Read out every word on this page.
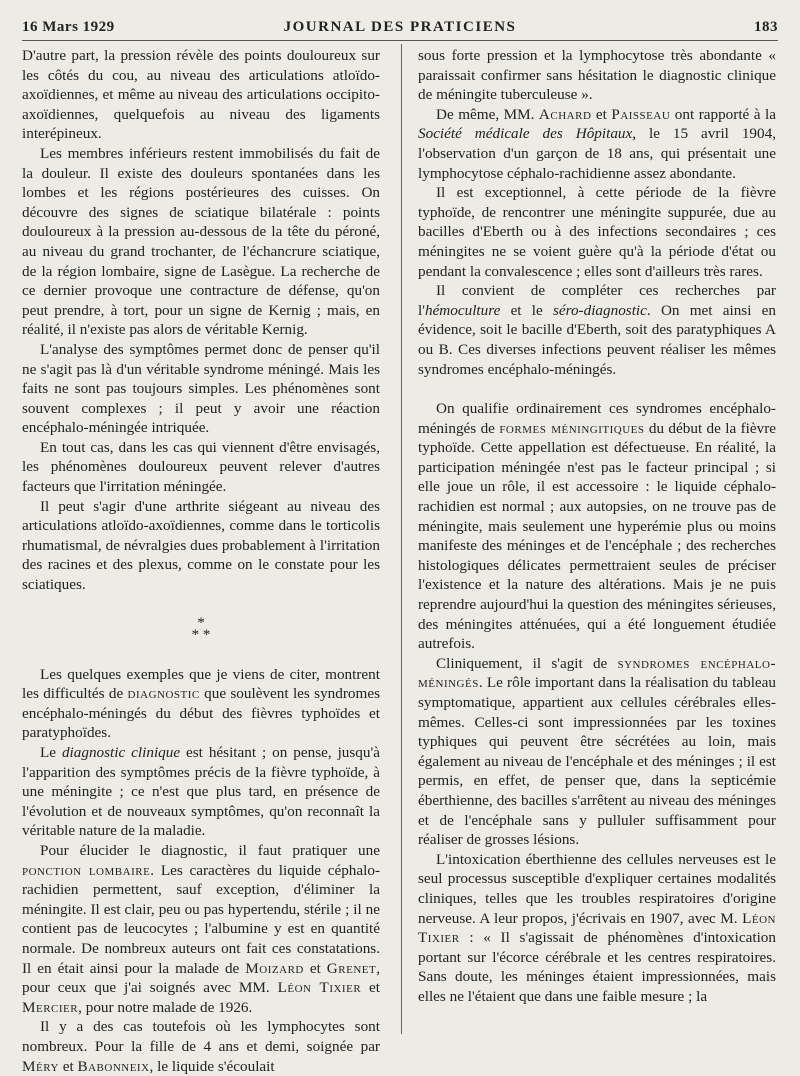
16 Mars 1929	JOURNAL DES PRATICIENS	183

D'autre part, la pression révèle des points douloureux sur les côtés du cou, au niveau des articulations atloïdo-axoïdiennes, et même au niveau des articulations occipito-axoïdiennes, quelquefois au niveau des ligaments interépineux.

Les membres inférieurs restent immobilisés du fait de la douleur. Il existe des douleurs spontanées dans les lombes et les régions postérieures des cuisses. On découvre des signes de sciatique bilatérale : points douloureux à la pression au-dessous de la tête du péroné, au niveau du grand trochanter, de l'échancrure sciatique, de la région lombaire, signe de Lasègue. La recherche de ce dernier provoque une contracture de défense, qu'on peut prendre, à tort, pour un signe de Kernig ; mais, en réalité, il n'existe pas alors de véritable Kernig.

L'analyse des symptômes permet donc de penser qu'il ne s'agit pas là d'un véritable syndrome méningé. Mais les faits ne sont pas toujours simples. Les phénomènes sont souvent complexes ; il peut y avoir une réaction encéphalo-méningée intriquée.

En tout cas, dans les cas qui viennent d'être envisagés, les phénomènes douloureux peuvent relever d'autres facteurs que l'irritation méningée.

Il peut s'agir d'une arthrite siégeant au niveau des articulations atloïdo-axoïdiennes, comme dans le torticolis rhumatismal, de névralgies dues probablement à l'irritation des racines et des plexus, comme on le constate pour les sciatiques.

*
* *

Les quelques exemples que je viens de citer, montrent les difficultés de diagnostic que soulèvent les syndromes encéphalo-méningés du début des fièvres typhoïdes et paratyphoïdes.

Le diagnostic clinique est hésitant ; on pense, jusqu'à l'apparition des symptômes précis de la fièvre typhoïde, à une méningite ; ce n'est que plus tard, en présence de l'évolution et de nouveaux symptômes, qu'on reconnaît la véritable nature de la maladie.

Pour élucider le diagnostic, il faut pratiquer une ponction lombaire. Les caractères du liquide céphalo-rachidien permettent, sauf exception, d'éliminer la méningite. Il est clair, peu ou pas hypertendu, stérile ; il ne contient pas de leucocytes ; l'albumine y est en quantité normale. De nombreux auteurs ont fait ces constatations. Il en était ainsi pour la malade de Moizard et Grenet, pour ceux que j'ai soignés avec MM. Léon Tixier et Mercier, pour notre malade de 1926.

Il y a des cas toutefois où les lymphocytes sont nombreux. Pour la fille de 4 ans et demi, soignée par Méry et Babonneix, le liquide s'écoulait

sous forte pression et la lymphocytose très abondante « paraissait confirmer sans hésitation le diagnostic clinique de méningite tuberculeuse ».

De même, MM. Achard et Paisseau ont rapporté à la Société médicale des Hôpitaux, le 15 avril 1904, l'observation d'un garçon de 18 ans, qui présentait une lymphocytose céphalo-rachidienne assez abondante.

Il est exceptionnel, à cette période de la fièvre typhoïde, de rencontrer une méningite suppurée, due au bacilles d'Eberth ou à des infections secondaires ; ces méningites ne se voient guère qu'à la période d'état ou pendant la convalescence ; elles sont d'ailleurs très rares.

Il convient de compléter ces recherches par l'hémoculture et le séro-diagnostic. On met ainsi en évidence, soit le bacille d'Eberth, soit des paratyphiques A ou B. Ces diverses infections peuvent réaliser les mêmes syndromes encéphalo-méningés.

On qualifie ordinairement ces syndromes encéphalo-méningés de formes méningitiques du début de la fièvre typhoïde. Cette appellation est défectueuse. En réalité, la participation méningée n'est pas le facteur principal ; si elle joue un rôle, il est accessoire : le liquide céphalo-rachidien est normal ; aux autopsies, on ne trouve pas de méningite, mais seulement une hyperémie plus ou moins manifeste des méninges et de l'encéphale ; des recherches histologiques délicates permettraient seules de préciser l'existence et la nature des altérations. Mais je ne puis reprendre aujourd'hui la question des méningites sérieuses, des méningites atténuées, qui a été longuement étudiée autrefois.

Cliniquement, il s'agit de syndromes encéphalo-méningés. Le rôle important dans la réalisation du tableau symptomatique, appartient aux cellules cérébrales elles-mêmes. Celles-ci sont impressionnées par les toxines typhiques qui peuvent être sécrétées au loin, mais également au niveau de l'encéphale et des méninges ; il est permis, en effet, de penser que, dans la septicémie éberthienne, des bacilles s'arrêtent au niveau des méninges et de l'encéphale sans y pulluler suffisamment pour réaliser de grosses lésions.

L'intoxication éberthienne des cellules nerveuses est le seul processus susceptible d'expliquer certaines modalités cliniques, telles que les troubles respiratoires d'origine nerveuse. A leur propos, j'écrivais en 1907, avec M. Léon Tixier : « Il s'agissait de phénomènes d'intoxication portant sur l'écorce cérébrale et les centres respiratoires. Sans doute, les méninges étaient impressionnées, mais elles ne l'étaient que dans une faible mesure ; la
